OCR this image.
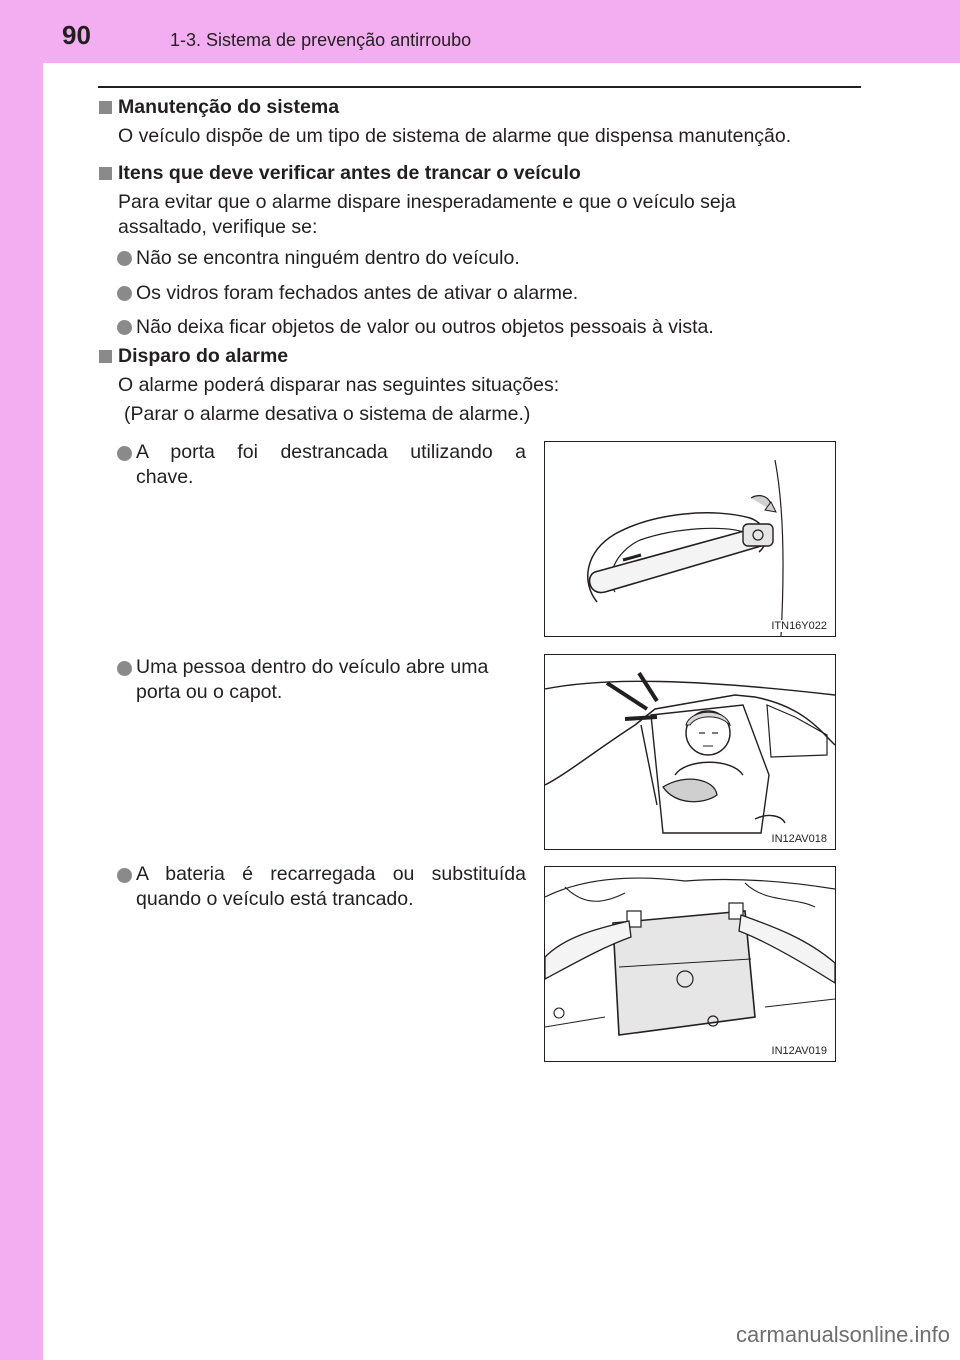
90	1-3. Sistema de prevenção antirroubo
Manutenção do sistema
O veículo dispõe de um tipo de sistema de alarme que dispensa manutenção.
Itens que deve verificar antes de trancar o veículo
Para evitar que o alarme dispare inesperadamente e que o veículo seja
assaltado, verifique se:
Não se encontra ninguém dentro do veículo.
Os vidros foram fechados antes de ativar o alarme.
Não deixa ficar objetos de valor ou outros objetos pessoais à vista.
Disparo do alarme
O alarme poderá disparar nas seguintes situações:
(Parar o alarme desativa o sistema de alarme.)
A porta foi destrancada utilizando a
chave.
ITN16Y022
Uma pessoa dentro do veículo abre uma
porta ou o capot.
IN12AV018
A bateria é recarregada ou substituída
quando o veículo está trancado.
IN12AV019
carmanualsonline.info
